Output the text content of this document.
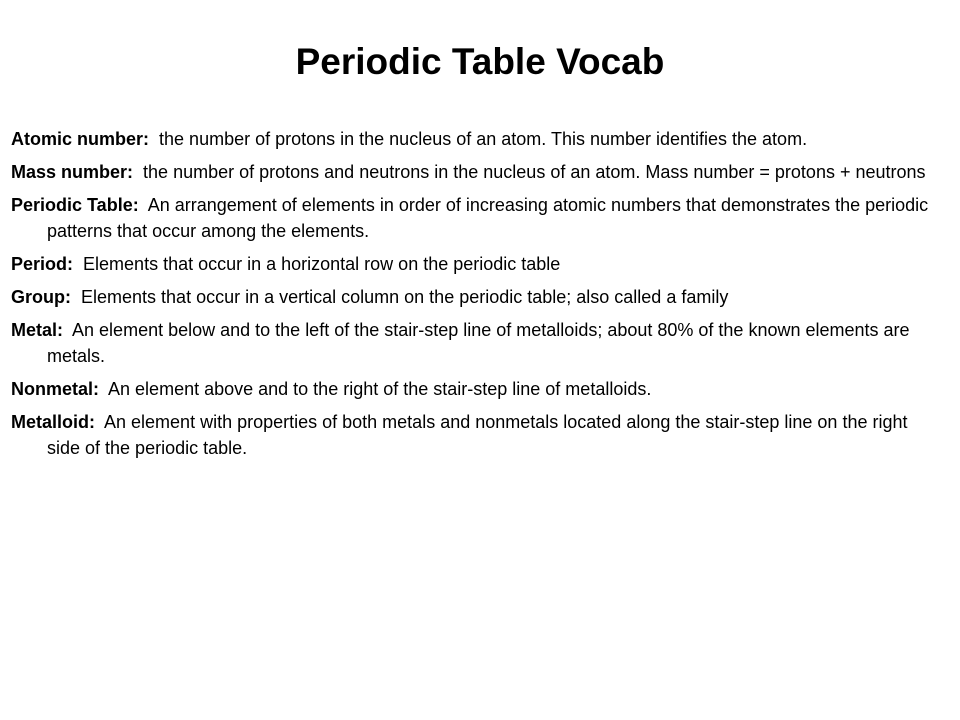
Periodic Table Vocab
Atomic number: the number of protons in the nucleus of an atom. This number identifies the atom.
Mass number: the number of protons and neutrons in the nucleus of an atom. Mass number = protons + neutrons
Periodic Table: An arrangement of elements in order of increasing atomic numbers that demonstrates the periodic patterns that occur among the elements.
Period: Elements that occur in a horizontal row on the periodic table
Group: Elements that occur in a vertical column on the periodic table; also called a family
Metal: An element below and to the left of the stair-step line of metalloids; about 80% of the known elements are metals.
Nonmetal: An element above and to the right of the stair-step line of metalloids.
Metalloid: An element with properties of both metals and nonmetals located along the stair-step line on the right side of the periodic table.
